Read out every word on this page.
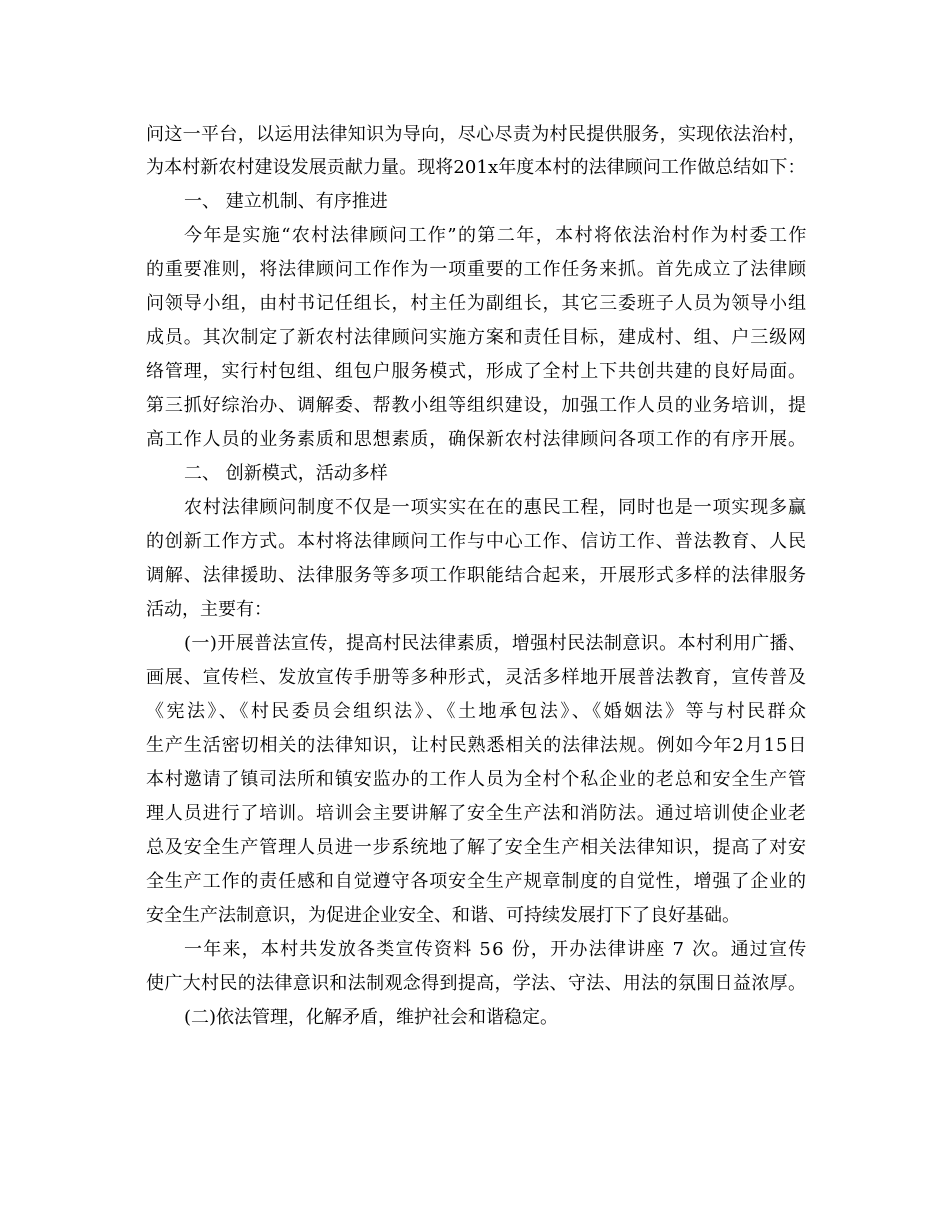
问这一平台，以运用法律知识为导向，尽心尽责为村民提供服务，实现依法治村，
为本村新农村建设发展贡献力量。现将201x年度本村的法律顾问工作做总结如下：
一、 建立机制、有序推进
今年是实施“农村法律顾问工作”的第二年，本村将依法治村作为村委工作
的重要准则，将法律顾问工作作为一项重要的工作任务来抓。首先成立了法律顾
问领导小组，由村书记任组长，村主任为副组长，其它三委班子人员为领导小组
成员。其次制定了新农村法律顾问实施方案和责任目标，建成村、组、户三级网
络管理，实行村包组、组包户服务模式，形成了全村上下共创共建的良好局面。
第三抓好综治办、调解委、帮教小组等组织建设，加强工作人员的业务培训，提
高工作人员的业务素质和思想素质，确保新农村法律顾问各项工作的有序开展。
二、 创新模式，活动多样
农村法律顾问制度不仅是一项实实在在的惠民工程，同时也是一项实现多赢
的创新工作方式。本村将法律顾问工作与中心工作、信访工作、普法教育、人民
调解、法律援助、法律服务等多项工作职能结合起来，开展形式多样的法律服务
活动，主要有：
(一)开展普法宣传，提高村民法律素质，增强村民法制意识。本村利用广播、
画展、宣传栏、发放宣传手册等多种形式，灵活多样地开展普法教育，宣传普及
《宪法》、《村民委员会组织法》、《土地承包法》、《婚姻法》等与村民群众
生产生活密切相关的法律知识，让村民熟悉相关的法律法规。例如今年2月15日
本村邀请了镇司法所和镇安监办的工作人员为全村个私企业的老总和安全生产管
理人员进行了培训。培训会主要讲解了安全生产法和消防法。通过培训使企业老
总及安全生产管理人员进一步系统地了解了安全生产相关法律知识，提高了对安
全生产工作的责任感和自觉遵守各项安全生产规章制度的自觉性，增强了企业的
安全生产法制意识，为促进企业安全、和谐、可持续发展打下了良好基础。
一年来，本村共发放各类宣传资料 56 份，开办法律讲座 7 次。通过宣传
使广大村民的法律意识和法制观念得到提高，学法、守法、用法的氛围日益浓厚。
(二)依法管理，化解矛盾，维护社会和谐稳定。
